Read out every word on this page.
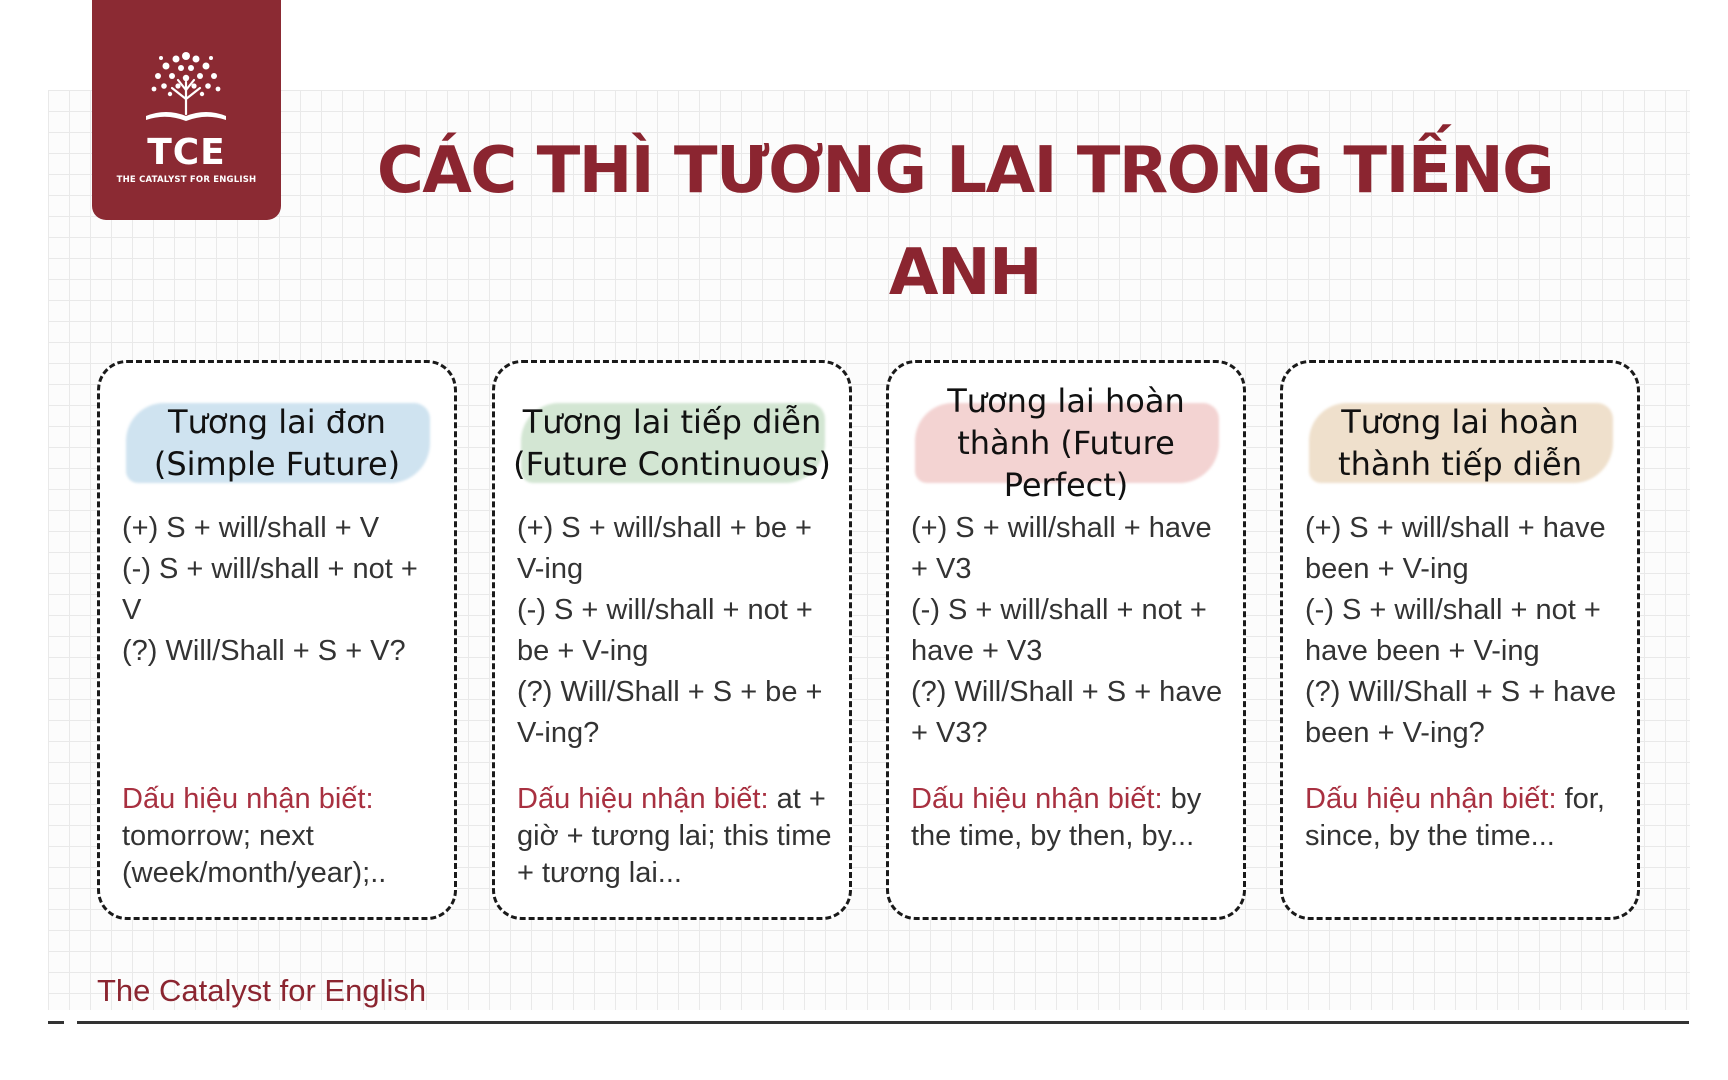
TCE
THE CATALYST FOR ENGLISH	CÁC THÌ TƯƠNG LAI TRONG TIẾNG ANH
Tương lai đơn (Simple Future)

(+) S + will/shall + V

(-) S + will/shall + not + V

(?) Will/Shall + S + V?

Dấu hiệu nhận biết: tomorrow; next (week/month/year);..
Tương lai tiếp diễn (Future Continuous)

(+) S + will/shall + be + V-ing

(-) S + will/shall + not + be + V-ing

(?) Will/Shall + S + be + V-ing?

Dấu hiệu nhận biết: at + giờ + tương lai; this time + tương lai...
Tương lai hoàn thành (Future Perfect)

(+) S + will/shall + have + V3

(-) S + will/shall + not + have + V3

(?) Will/Shall + S + have + V3?

Dấu hiệu nhận biết: by the time, by then, by...
Tương lai hoàn thành tiếp diễn

(+) S + will/shall + have been + V-ing

(-) S + will/shall + not + have been + V-ing

(?) Will/Shall + S + have been + V-ing?

Dấu hiệu nhận biết: for, since, by the time...
The Catalyst for English
